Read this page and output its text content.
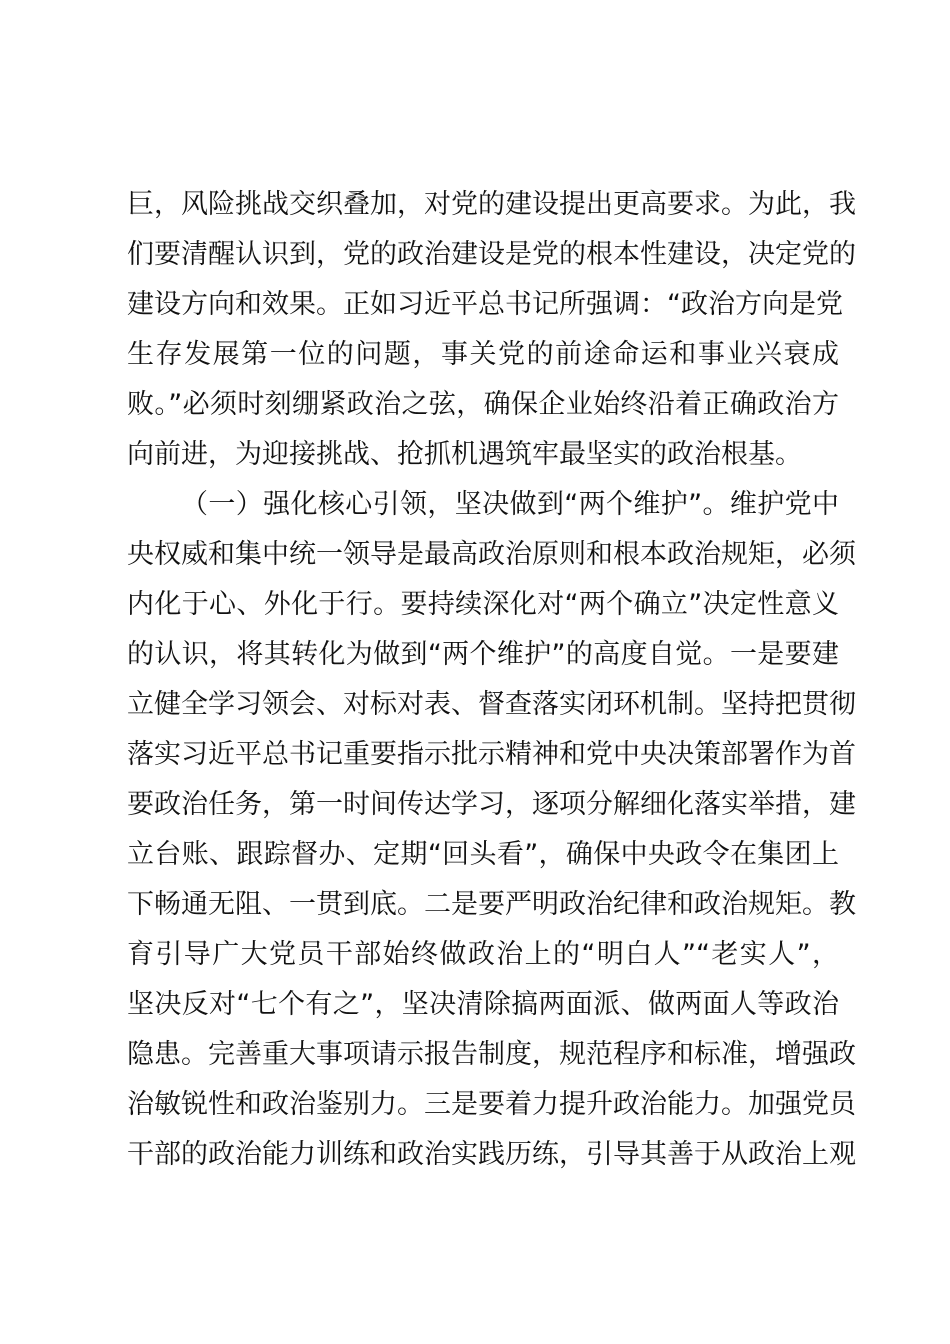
巨，风险挑战交织叠加，对党的建设提出更高要求。为此，我
们要清醒认识到，党的政治建设是党的根本性建设，决定党的
建设方向和效果。正如习近平总书记所强调：“政治方向是党
生存发展第一位的问题，事关党的前途命运和事业兴衰成
败。”必须时刻绷紧政治之弦，确保企业始终沿着正确政治方
向前进，为迎接挑战、抢抓机遇筑牢最坚实的政治根基。
（一）强化核心引领，坚决做到“两个维护”。维护党中
央权威和集中统一领导是最高政治原则和根本政治规矩，必须
内化于心、外化于行。要持续深化对“两个确立”决定性意义
的认识，将其转化为做到“两个维护”的高度自觉。一是要建
立健全学习领会、对标对表、督查落实闭环机制。坚持把贯彻
落实习近平总书记重要指示批示精神和党中央决策部署作为首
要政治任务，第一时间传达学习，逐项分解细化落实举措，建
立台账、跟踪督办、定期“回头看”，确保中央政令在集团上
下畅通无阻、一贯到底。二是要严明政治纪律和政治规矩。教
育引导广大党员干部始终做政治上的“明白人”“老实人”，
坚决反对“七个有之”，坚决清除搞两面派、做两面人等政治
隐患。完善重大事项请示报告制度，规范程序和标准，增强政
治敏锐性和政治鉴别力。三是要着力提升政治能力。加强党员
干部的政治能力训练和政治实践历练，引导其善于从政治上观
